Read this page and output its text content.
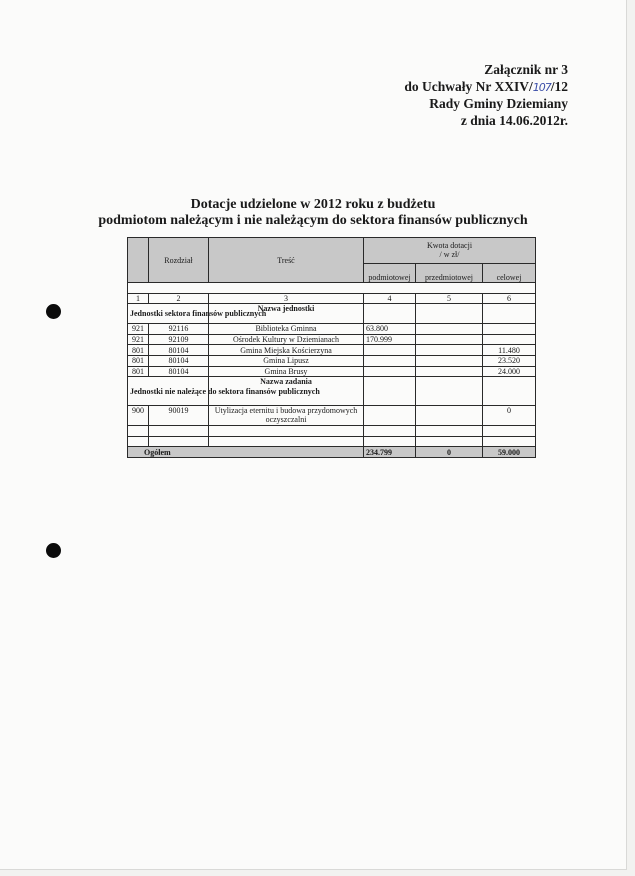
Załącznik nr 3
do Uchwały Nr XXIV/107/12
Rady Gminy Dziemiany
z dnia 14.06.2012r.
Dotacje udzielone w 2012 roku z budżetu
podmiotom należącym i nie należącym do sektora finansów publicznych
	Rozdział	Treść	Kwota dotacji
/ w zł/		

			podmiotowej	przedmiotowej	celowej

1	2	3	4	5	6
Jednostki sektora finansów publicznych		Nazwa jednostki			
921	92116	Biblioteka Gminna	63.800		
921	92109	Ośrodek Kultury w Dziemianach	170.999		
801	80104	Gmina Miejska Kościerzyna			11.480
801	80104	Gmina Lipusz			23.520
801	80104	Gmina Brusy			24.000
Jednostki nie należące do sektora finansów publicznych		Nazwa zadania			
900	90019	Utylizacja eternitu i budowa przydomowych oczyszczalni			0

Ogółem			234.799	0	59.000
